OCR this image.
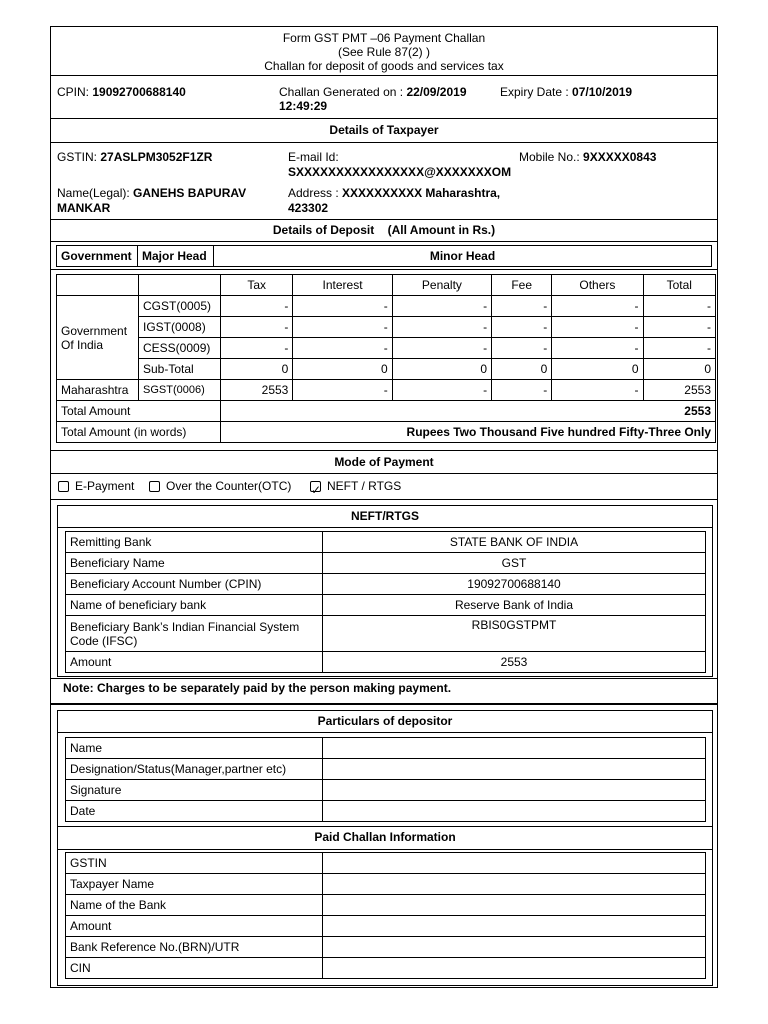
Form GST PMT –06 Payment Challan
(See Rule 87(2) )
Challan for deposit of goods and services tax
CPIN: 19092700688140	Challan Generated on : 22/09/2019
12:49:29
Expiry Date : 07/10/2019
Details of Taxpayer
GSTIN: 27ASLPM3052F1ZR	E-mail Id:
SXXXXXXXXXXXXXXXX@XXXXXXXOM
Mobile No.: 9XXXXX0843
Name(Legal): GANEHS BAPURAV
MANKAR
Address : XXXXXXXXXX Maharashtra,
423302
Details of Deposit (All Amount in Rs.)
Government	Major Head	Minor Head
		Tax	Interest	Penalty	Fee	Others	Total
Government
Of India	CGST(0005)	-	-	-	-	-	-
	IGST(0008)	-	-	-	-	-	-
	CESS(0009)	-	-	-	-	-	-
	Sub-Total	0	0	0	0	0	0
Maharashtra	SGST(0006)	2553	-	-	-	-	2553
Total Amount		2553					
Total Amount (in words)		Rupees Two Thousand Five hundred Fifty-Three Only					
Mode of Payment
E-Payment	Over the Counter(OTC) ✓	NEFT / RTGS
NEFT/RTGS
Remitting Bank	STATE BANK OF INDIA
Beneficiary Name	GST
Beneficiary Account Number (CPIN)	19092700688140
Name of beneficiary bank	Reserve Bank of India
Beneficiary Bank’s Indian Financial System
Code (IFSC)	RBIS0GSTPMT
Amount	2553
Note: Charges to be separately paid by the person making payment.
Particulars of depositor
Name	
Designation/Status(Manager,partner etc)	
Signature	
Date	
Paid Challan Information
GSTIN	
Taxpayer Name	
Name of the Bank	
Amount	
Bank Reference No.(BRN)/UTR	
CIN	
